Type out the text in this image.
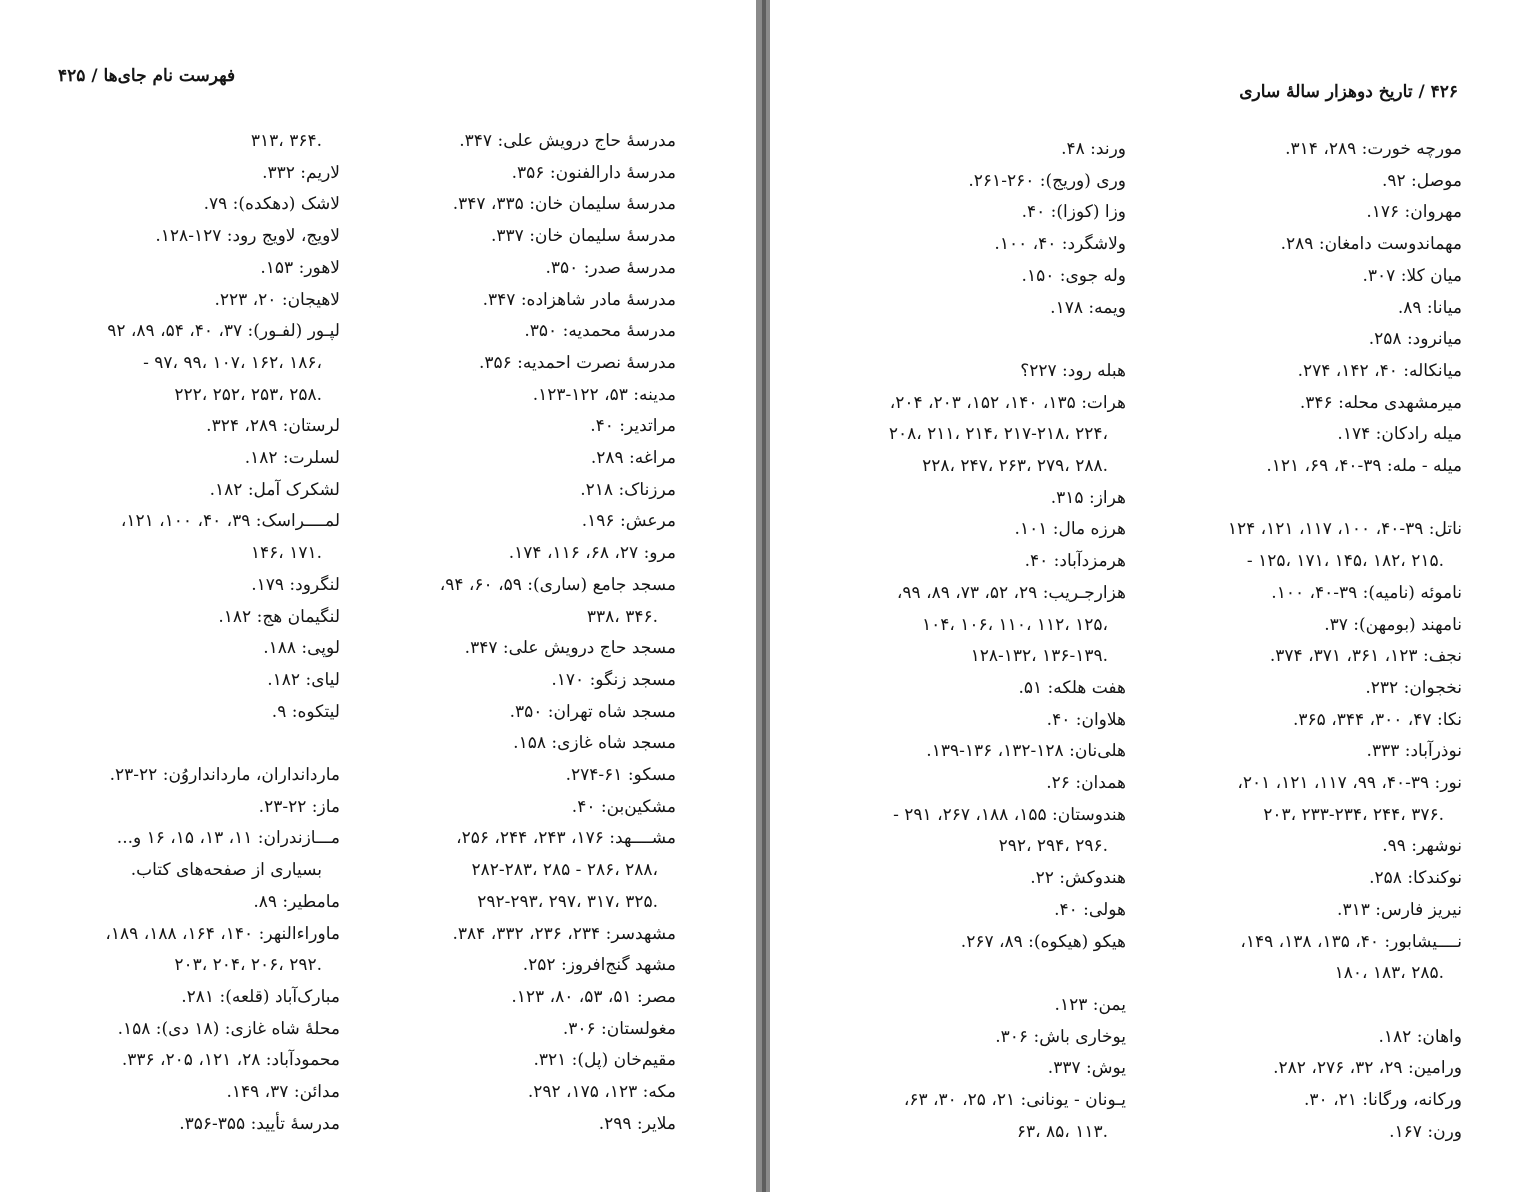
فهرست نام جای‌ها / ۴۲۵
۳۱۳، ۳۶۴.
لاریم: ۳۳۲.
لاشک (دهکده): ۷۹.
لاویج، لاویج رود: ۱۲۷-۱۲۸.
لاهور: ۱۵۳.
لاهیجان: ۲۰، ۲۲۳.
لپـور (لفـور): ۳۷، ۴۰، ۵۴، ۸۹، ۹۲
- ۹۷، ۹۹، ۱۰۷، ۱۶۲، ۱۸۶،
۲۲۲، ۲۵۲، ۲۵۳، ۲۵۸.
لرستان: ۲۸۹، ۳۲۴.
لسلرت: ۱۸۲.
لشکرک آمل: ۱۸۲.
لمــــراسک: ۳۹، ۴۰، ۱۰۰، ۱۲۱،
۱۴۶، ۱۷۱.
لنگرود: ۱۷۹.
لنگیمان هج: ۱۸۲.
لوپی: ۱۸۸.
لیای: ۱۸۲.
لیتکوه: ۹.
ماردانداران، ماردانداروُن: ۲۲-۲۳.
ماز: ۲۲-۲۳.
مـــازندران: ۱۱، ۱۳، ۱۵، ۱۶ و...
بسیاری از صفحه‌های کتاب.
مامطیر: ۸۹.
ماوراءالنهر: ۱۴۰، ۱۶۴، ۱۸۸، ۱۸۹،
۲۰۳، ۲۰۴، ۲۰۶، ۲۹۲.
مبارک‌آباد (قلعه): ۲۸۱.
محلهٔ شاه غازی: (۱۸ دی): ۱۵۸.
محمودآباد: ۲۸، ۱۲۱، ۲۰۵، ۳۳۶.
مدائن: ۳۷، ۱۴۹.
مدرسهٔ تأیید: ۳۵۵-۳۵۶.
مدرسهٔ حاج درویش علی: ۳۴۷.
مدرسهٔ دارالفنون: ۳۵۶.
مدرسهٔ سلیمان خان: ۳۳۵، ۳۴۷.
مدرسهٔ سلیمان خان: ۳۳۷.
مدرسهٔ صدر: ۳۵۰.
مدرسهٔ مادر شاهزاده: ۳۴۷.
مدرسهٔ محمدیه: ۳۵۰.
مدرسهٔ نصرت احمدیه: ۳۵۶.
مدینه: ۵۳، ۱۲۲-۱۲۳.
مراتدیر: ۴۰.
مراغه: ۲۸۹.
مرزناک: ۲۱۸.
مرعش: ۱۹۶.
مرو: ۲۷، ۶۸، ۱۱۶، ۱۷۴.
مسجد جامع (ساری): ۵۹، ۶۰، ۹۴،
۳۳۸، ۳۴۶.
مسجد حاج درویش علی: ۳۴۷.
مسجد زنگو: ۱۷۰.
مسجد شاه تهران: ۳۵۰.
مسجد شاه غازی: ۱۵۸.
مسکو: ۶۱-۲۷۴.
مشکین‌بن: ۴۰.
مشــــهد: ۱۷۶، ۲۴۳، ۲۴۴، ۲۵۶،
۲۸۲-۲۸۳، ۲۸۵ - ۲۸۶، ۲۸۸،
۲۹۲-۲۹۳، ۲۹۷، ۳۱۷، ۳۲۵.
مشهدسر: ۲۳۴، ۲۳۶، ۳۳۲، ۳۸۴.
مشهد گنج‌افروز: ۲۵۲.
مصر: ۵۱، ۵۳، ۸۰، ۱۲۳.
مغولستان: ۳۰۶.
مقیم‌خان (پل): ۳۲۱.
مکه: ۱۲۳، ۱۷۵، ۲۹۲.
ملایر: ۲۹۹.
۴۲۶ / تاریخ دوهزار سالهٔ ساری
مورچه خورت: ۲۸۹، ۳۱۴.
موصل: ۹۲.
مهروان: ۱۷۶.
مهماندوست دامغان: ۲۸۹.
میان کلا: ۳۰۷.
میانا: ۸۹.
میانرود: ۲۵۸.
میانکاله: ۴۰، ۱۴۲، ۲۷۴.
میرمشهدی محله: ۳۴۶.
میله رادکان: ۱۷۴.
میله - مله: ۳۹-۴۰، ۶۹، ۱۲۱.
ناتل: ۳۹-۴۰، ۱۰۰، ۱۱۷، ۱۲۱، ۱۲۴
- ۱۲۵، ۱۷۱، ۱۴۵، ۱۸۲، ۲۱۵.
ناموئه (نامیه): ۳۹-۴۰، ۱۰۰.
نامهند (بومهن): ۳۷.
نجف: ۱۲۳، ۳۶۱، ۳۷۱، ۳۷۴.
نخجوان: ۲۳۲.
نکا: ۴۷، ۳۰۰، ۳۴۴، ۳۶۵.
نوذرآباد: ۳۳۳.
نور: ۳۹-۴۰، ۹۹، ۱۱۷، ۱۲۱، ۲۰۱،
۲۰۳، ۲۳۳-۲۳۴، ۲۴۴، ۳۷۶.
نوشهر: ۹۹.
نوکندکا: ۲۵۸.
نیریز فارس: ۳۱۳.
نــــیشابور: ۴۰، ۱۳۵، ۱۳۸، ۱۴۹،
۱۸۰، ۱۸۳، ۲۸۵.
واهان: ۱۸۲.
ورامین: ۲۹، ۳۲، ۲۷۶، ۲۸۲.
ورکانه، ورگانا: ۲۱، ۳۰.
ورن: ۱۶۷.
ورند: ۴۸.
وری (وریج): ۲۶۰-۲۶۱.
وزا (کوزا): ۴۰.
ولاشگرد: ۴۰، ۱۰۰.
وله جوی: ۱۵۰.
ویمه: ۱۷۸.
هبله رود: ۲۲۷؟
هرات: ۱۳۵، ۱۴۰، ۱۵۲، ۲۰۳، ۲۰۴،
۲۰۸، ۲۱۱، ۲۱۴، ۲۱۷-۲۱۸، ۲۲۴،
۲۲۸، ۲۴۷، ۲۶۳، ۲۷۹، ۲۸۸.
هراز: ۳۱۵.
هرزه مال: ۱۰۱.
هرمزدآباد: ۴۰.
هزارجـریب: ۲۹، ۵۲، ۷۳، ۸۹، ۹۹،
۱۰۴، ۱۰۶، ۱۱۰، ۱۱۲، ۱۲۵،
۱۲۸-۱۳۲، ۱۳۶-۱۳۹.
هفت هلکه: ۵۱.
هلاوان: ۴۰.
هلی‌نان: ۱۲۸-۱۳۲، ۱۳۶-۱۳۹.
همدان: ۲۶.
هندوستان: ۱۵۵، ۱۸۸، ۲۶۷، ۲۹۱ -
۲۹۲، ۲۹۴، ۲۹۶.
هندوکش: ۲۲.
هولی: ۴۰.
هیکو (هیکوه): ۸۹، ۲۶۷.
یمن: ۱۲۳.
یوخاری باش: ۳۰۶.
یوش: ۳۳۷.
یـونان - یونانی: ۲۱، ۲۵، ۳۰، ۶۳،
۶۳، ۸۵، ۱۱۳.
